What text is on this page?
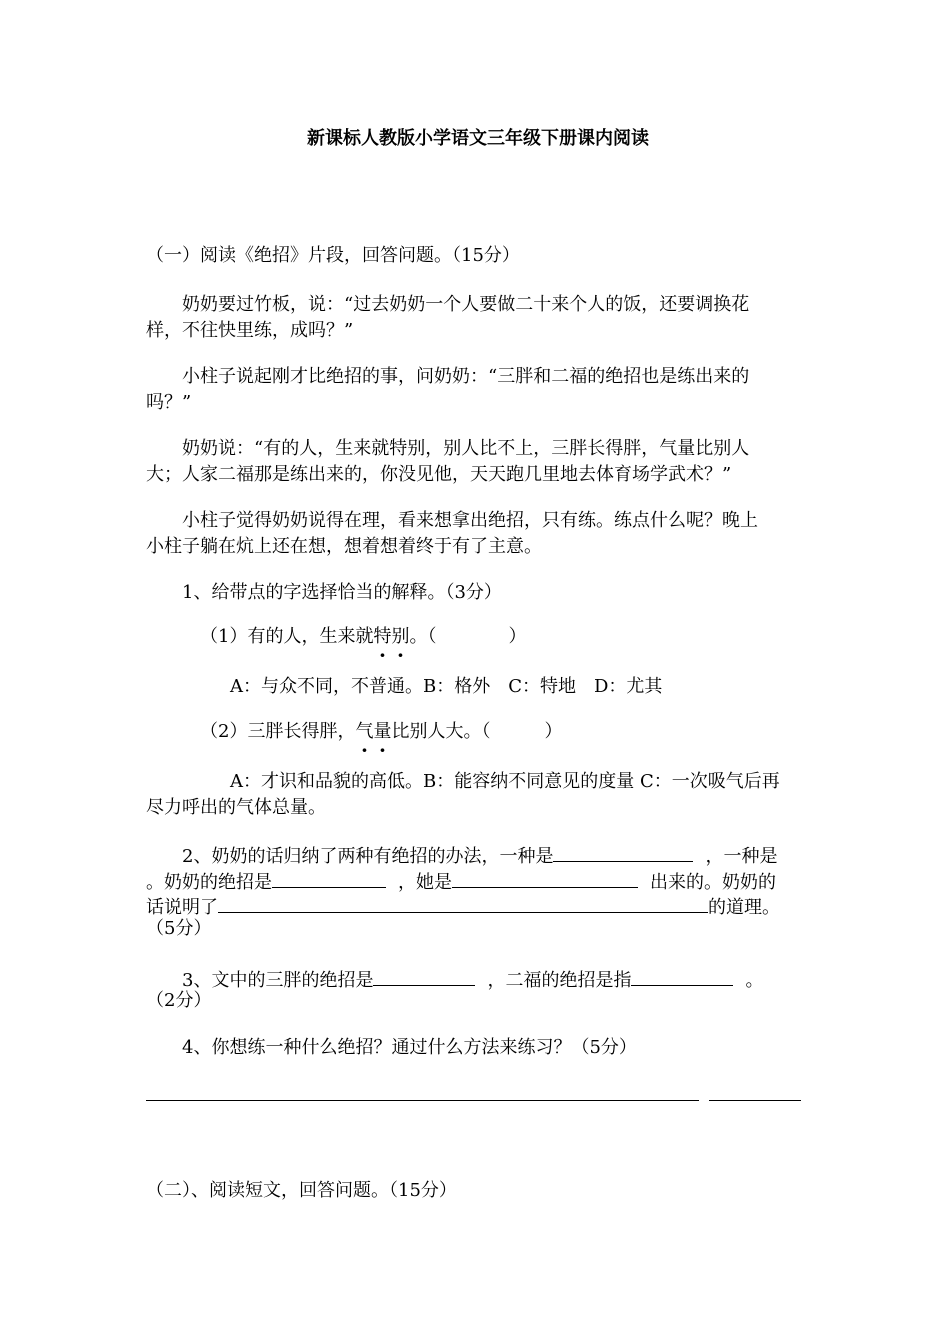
新课标人教版小学语文三年级下册课内阅读
（一）阅读《绝招》片段，回答问题。（15分）
奶奶要过竹板，说：“过去奶奶一个人要做二十来个人的饭，还要调换花
样，不往快里练，成吗？”
小柱子说起刚才比绝招的事，问奶奶：“三胖和二福的绝招也是练出来的
吗？”
奶奶说：“有的人，生来就特别，别人比不上，三胖长得胖，气量比别人
大；人家二福那是练出来的，你没见他，天天跑几里地去体育场学武术？”
小柱子觉得奶奶说得在理，看来想拿出绝招，只有练。练点什么呢？晚上
小柱子躺在炕上还在想，想着想着终于有了主意。
1、给带点的字选择恰当的解释。（3分）
（1）有的人，生来就特别。（　　　　）
A：与众不同，不普通。B：格外　C：特地　D：尤其
（2）三胖长得胖，气量比别人大。（　　　）
A：才识和品貌的高低。B：能容纳不同意见的度量 C：一次吸气后再
尽力呼出的气体总量。
2、奶奶的话归纳了两种有绝招的办法，一种是	，一种是
。奶奶的绝招是	，她是	出来的。奶奶的
话说明了	的道理。
（5分）
3、文中的三胖的绝招是	，二福的绝招是指	。
（2分）
4、你想练一种什么绝招？通过什么方法来练习？（5分）
（二）、阅读短文，回答问题。（15分）
